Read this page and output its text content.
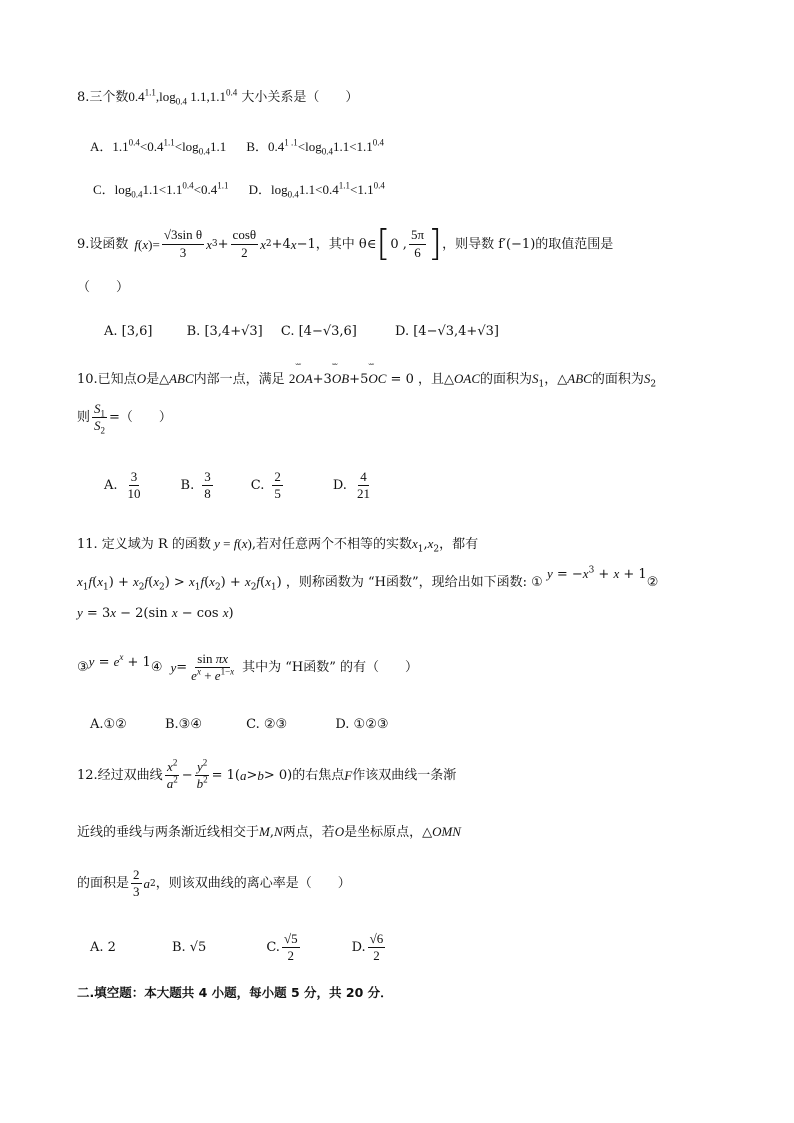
8.三个数$0.4^{1.1},\log_{0.4}$ $1.1,1.1^{0.4}$ 大小关系是（　　）
A．$1.1^{0.4}<0.4^{1.1}<\log_{0.4}1.1$ B．$0.4^{1 .1}<\log_{0.4}1.1<1.1^{0.4}$
C．$\log_{0.4}1.1<1.1^{0.4}<0.4^{1.1}$ D．$\log_{0.4}1.1<0.4^{1.1}<1.1^{0.4}$
9.设函数 f ( x )= $\frac{\text{√3sin θ}}{3}$ x $3 + \frac{\cos\theta}{2}$ x 2 +4 x −1 ，其中 θ∈ [ 0 , $\frac{5\pi}{6}$ ] ，则导数 f′(−1)的取值范围是
（　　）
A. [3,6]	B. [3,4+√3] C. [4−√3,6]	D. [4−√3,4+√3]
10.已知点O是△ABC内部一点，满足 2˘˘˘ OA+3˘˘˘ OB+5˘˘˘ OC = 0 ，且△OAC的面积为$S_1$，△ABC的面积为$S_2$
则 $\frac{S_1}{S_2}$ =（　　）
A. $\frac{3}{10}$	B. $\frac{3}{8}$	C. $\frac{2}{5}$	D. $\frac{4}{21}$
11. 定义域为 R 的函数 y = f(x),若对任意两个不相等的实数$x_1,x_2$，都有
$x_1f(x_1) + x_2f(x_2) > x_1f(x_2) + x_2f(x_1)$ ，则称函数为 “H函数”，现给出如下函数: ① $y = -x^3 + x$ + 1②
y = 3x − 2(sin x − cos x)
③ $y = e^x + 1$ ④ $y = \frac{\text{sin πx}}{e^x + e^{1-x}}$ 其中为 “H函数” 的有（　　）
A.①②	B.③④	C. ②③	D. ①②③
12.经过双曲线 $\frac{x^2}{a^2} - \frac{y^2}{b^2} = 1$( a > b > 0) 的右焦点 F 作该双曲线一条渐
近线的垂线与两条渐近线相交于M,N两点，若O是坐标原点，△OMN
的面积是 $\frac{2}{3}$ a 2 ，则该双曲线的离心率是（　　）
A. 2	B. √5	C. $\frac{√5}{2}$	D. $\frac{√6}{2}$
二.填空题：本大题共 4 小题，每小题 5 分，共 20 分．
